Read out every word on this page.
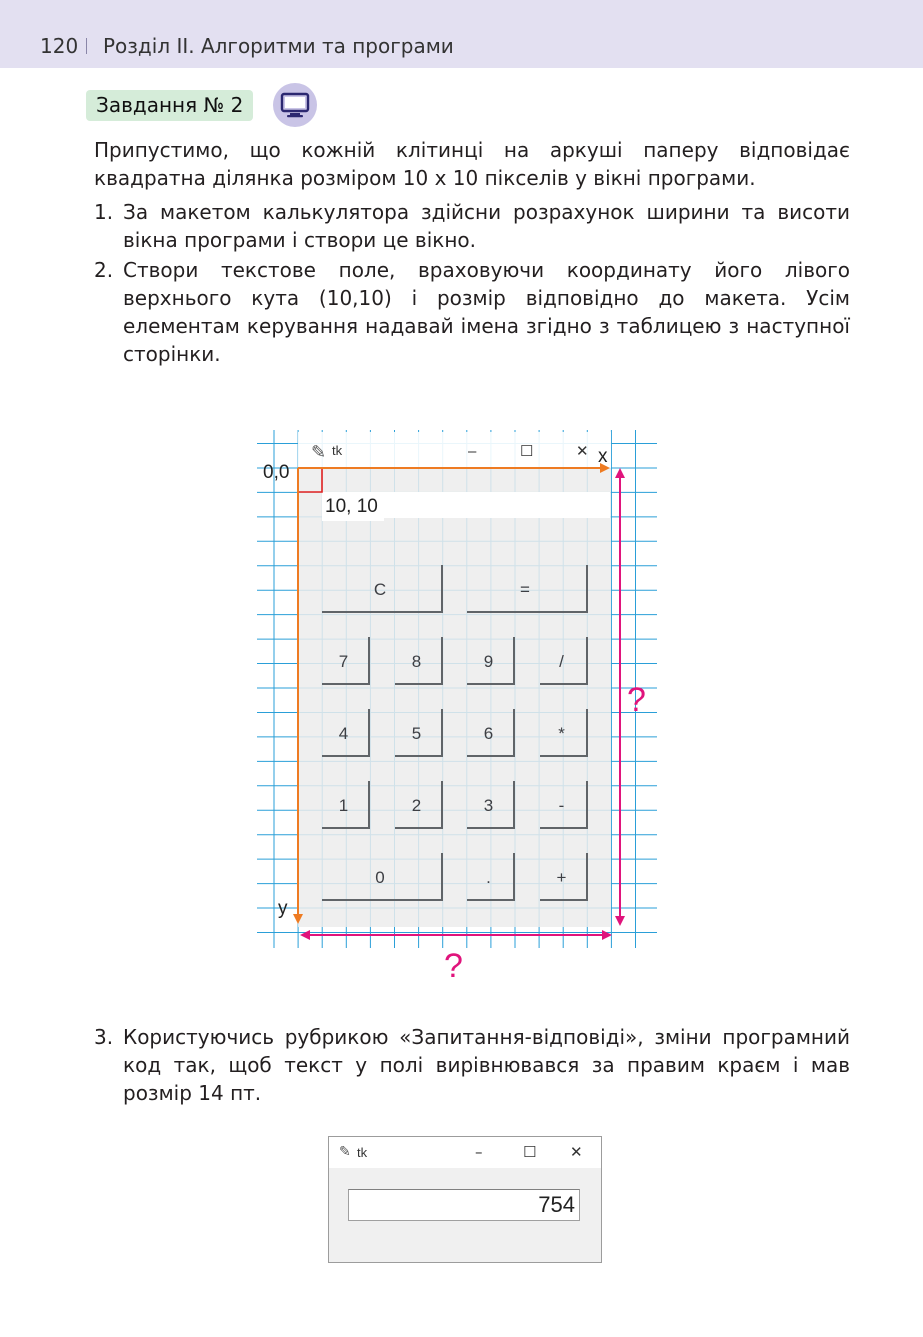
120 Розділ ІІ. Алгоритми та програми
Завдання № 2

Припустимо, що кожній клітинці на аркуші паперу відповідає квадратна ділянка розміром 10 х 10 пікселів у вікні програми.

1. За макетом калькулятора здійсни розрахунок ширини та висоти вікна програми і створи це вікно.
2. Створи текстове поле, враховуючи координату його лівого верхнього кута (10,10) і розмір відповідно до макета. Усім елементам керування надавай імена згідно з таблицею з наступної сторінки.
✎ tk	–	☐	✕
C	=
7	8	9	/
4	5	6	*
1	2	3	-
0	.	+
10, 10
0,0
x
y
?
?
3. Користуючись рубрикою «Запитання-відповіді», зміни програмний код так, щоб текст у полі вирівнювався за правим краєм і мав розмір 14 пт.
✎ tk	–	☐ ✕
754
